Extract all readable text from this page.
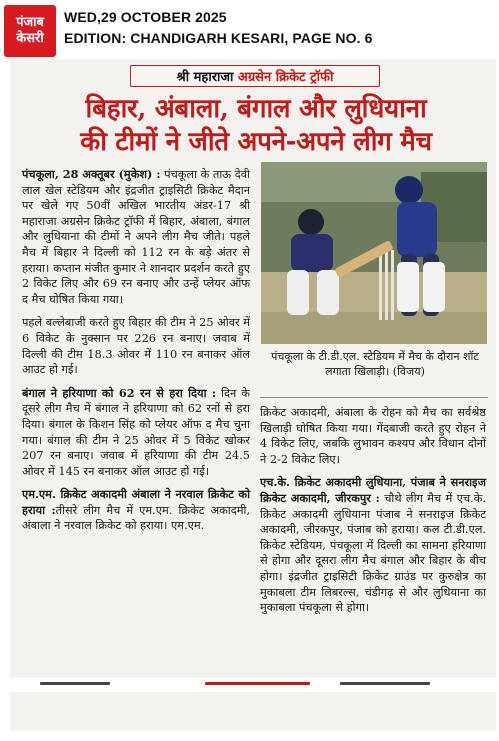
पंजाब
केसरी
WED,29 OCTOBER 2025
EDITION: CHANDIGARH KESARI, PAGE NO. 6
श्री महाराजा अग्रसेन क्रिकेट ट्रॉफी
बिहार, अंबाला, बंगाल और लुधियाना
की टीमों ने जीते अपने-अपने लीग मैच

पंचकूला, 28 अक्तूबर (मुकेश) : पंचकूला के ताऊ देवी लाल खेल स्टेडियम और इंद्रजीत ट्राइसिटी क्रिकेट मैदान पर खेले गए 50वीं अखिल भारतीय अंडर-17 श्री महाराजा अग्रसेन क्रिकेट ट्रॉफी में बिहार, अंबाला, बंगाल और लुधियाना की टीमों ने अपने लीग मैच जीते। पहले मैच में बिहार ने दिल्ली को 112 रन के बड़े अंतर से हराया। कप्तान मंजीत कुमार ने शानदार प्रदर्शन करते हुए 2 विकेट लिए और 69 रन बनाए और उन्हें प्लेयर ऑफ द मैच घोषित किया गया।

पहले बल्लेबाजी करते हुए बिहार की टीम ने 25 ओवर में 6 विकेट के नुक्सान पर 226 रन बनाए। जवाब में दिल्ली की टीम 18.3 ओवर में 110 रन बनाकर ऑल आउट हो गई।

बंगाल ने हरियाणा को 62 रन से हरा दिया : दिन के दूसरे लीग मैच में बंगाल ने हरियाणा को 62 रनों से हरा दिया। बंगाल के किशन सिंह को प्लेयर ऑफ द मैच चुना गया। बंगाल की टीम ने 25 ओवर में 5 विकेट खोकर 207 रन बनाए। जवाब में हरियाणा की टीम 24.5 ओवर में 145 रन बनाकर ऑल आउट हो गई।

एम.एम. क्रिकेट अकादमी अंबाला ने नरवाल क्रिकेट को हराया :तीसरे लीग मैच में एम.एम. क्रिकेट अकादमी, अंबाला ने नरवाल क्रिकेट को हराया। एम.एम.

पंचकूला के टी.डी.एल. स्टेडियम में मैच के दौरान शॉट लगाता खिलाड़ी। (विजय)

क्रिकेट अकादमी, अंबाला के रोहन को मैच का सर्वश्रेष्ठ खिलाड़ी घोषित किया गया। गेंदबाजी करते हुए रोहन ने 4 विकेट लिए, जबकि लुभावन कश्यप और विधान दोनों ने 2-2 विकेट लिए।

एच.के. क्रिकेट अकादमी लुधियाना, पंजाब ने सनराइज क्रिकेट अकादमी, जीरकपुर : चौथे लीग मैच में एच.के. क्रिकेट अकादमी लुधियाना पंजाब ने सनराइज क्रिकेट अकादमी, जीरकपुर, पंजाब को हराया। कल टी.डी.एल. क्रिकेट स्टेडियम, पंचकूला में दिल्ली का सामना हरियाणा से होगा और दूसरा लीग मैच बंगाल और बिहार के बीच होगा। इंद्रजीत ट्राइसिटी क्रिकेट ग्राउंड पर कुरुक्षेत्र का मुकाबला टीम लिबरल्स, चंडीगढ़ से और लुधियाना का मुकाबला पंचकूला से होगा।
